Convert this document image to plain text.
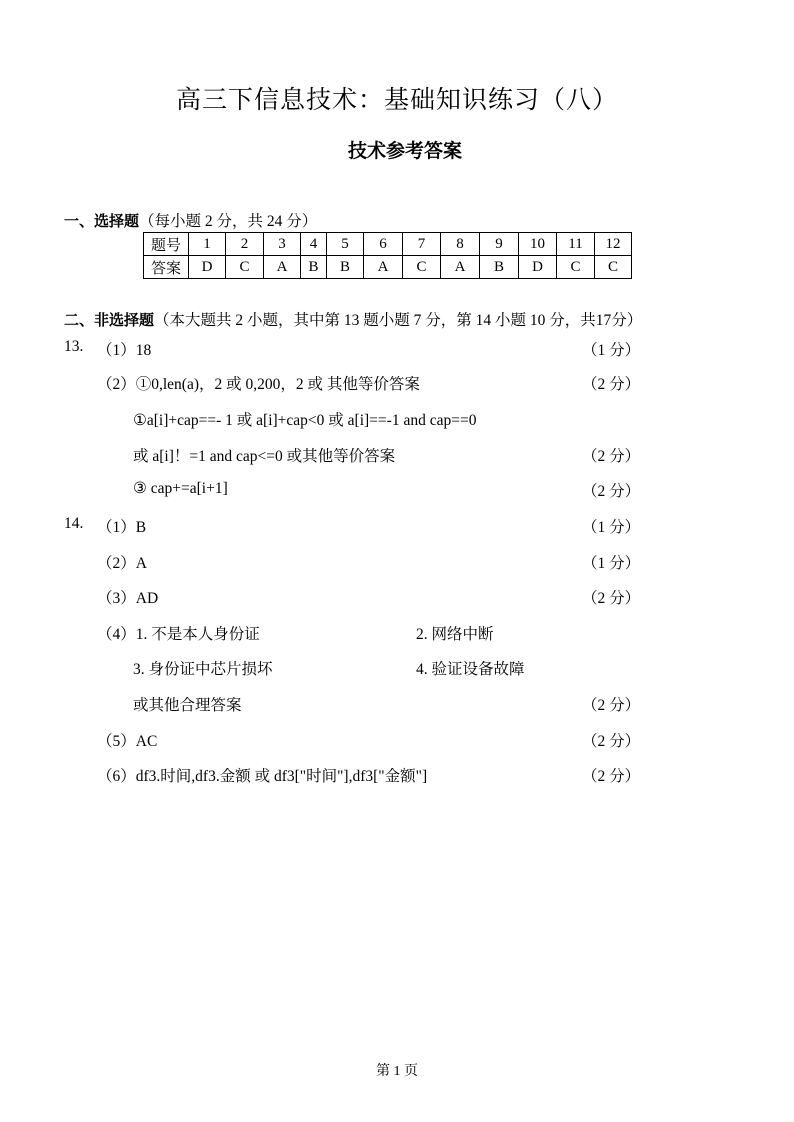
高三下信息技术：基础知识练习（八）
技术参考答案
一、选择题（每小题 2 分，共 24 分）
题号	1	2	3	4	5	6	7	8	9	10	11	12
答案	D	C	A	B	B	A	C	A	B	D	C	C
二、非选择题（本大题共 2 小题，其中第 13 题小题 7 分，第 14 小题 10 分，共17分）
13. （1）18	（1 分）
（2）①0,len(a)，2 或 0,200，2 或 其他等价答案	（2 分）
①a[i]+cap==- 1 或 a[i]+cap<0 或 a[i]==-1 and cap==0
或 a[i]！=1 and cap<=0 或其他等价答案	（2 分）
③ cap+=a[i+1]	（2 分）
14. （1）B	（1 分）
（2）A	（1 分）
（3）AD	（2 分）
（4）1. 不是本人身份证	2. 网络中断
3. 身份证中芯片损坏	4. 验证设备故障
或其他合理答案	（2 分）
（5）AC	（2 分）
（6）df3.时间,df3.金额 或 df3["时间"],df3["金额"]	（2 分）
第 1 页
